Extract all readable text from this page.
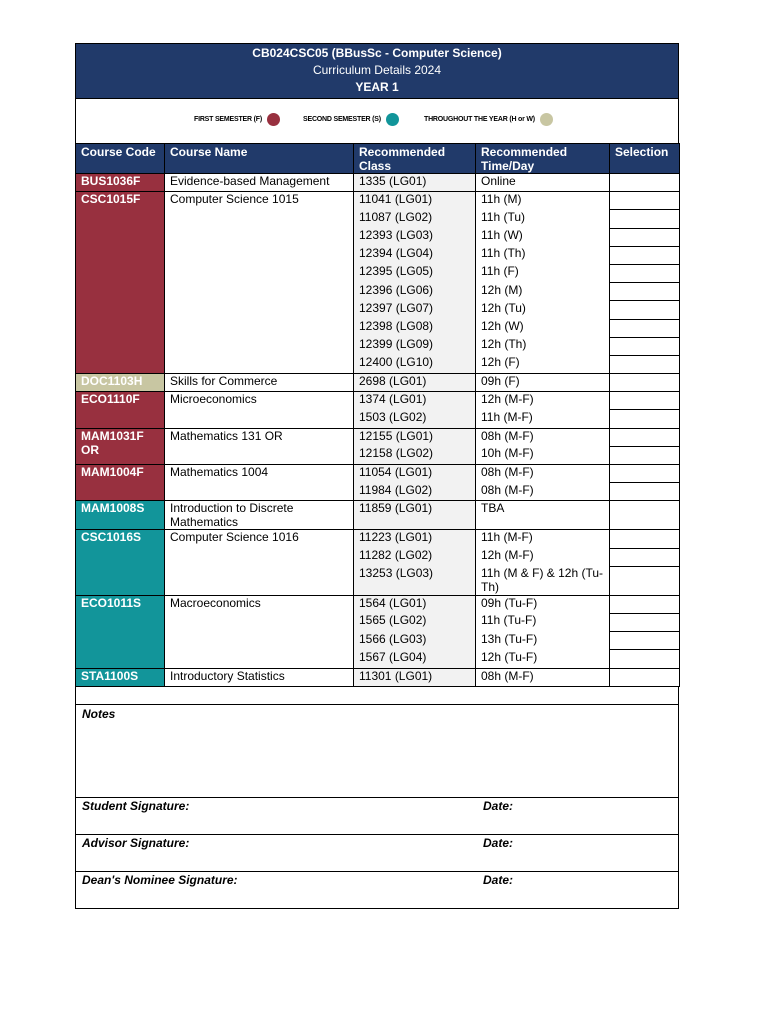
CB024CSC05 (BBusSc - Computer Science)
Curriculum Details 2024
YEAR 1
FIRST SEMESTER (F)	SECOND SEMESTER (S)	THROUGHOUT THE YEAR (H or W)
Course Code	Course Name	Recommended Class	Recommended Time/Day	Selection
BUS1036F	Evidence-based Management	1335 (LG01)	Online	
CSC1015F	Computer Science 1015	11041 (LG01)	11h (M)	
		11087 (LG02)	11h (Tu)	
		12393 (LG03)	11h (W)	
		12394 (LG04)	11h (Th)	
		12395 (LG05)	11h (F)	
		12396 (LG06)	12h (M)	
		12397 (LG07)	12h (Tu)	
		12398 (LG08)	12h (W)	
		12399 (LG09)	12h (Th)	
		12400 (LG10)	12h (F)	
DOC1103H	Skills for Commerce	2698 (LG01)	09h (F)	
ECO1110F	Microeconomics	1374 (LG01)	12h (M-F)	
		1503 (LG02)	11h (M-F)	
MAM1031F OR	Mathematics 131 OR	12155 (LG01)	08h (M-F)	
		12158 (LG02)	10h (M-F)	
MAM1004F	Mathematics 1004	11054 (LG01)	08h (M-F)	
		11984 (LG02)	08h (M-F)	
MAM1008S	Introduction to Discrete Mathematics	11859 (LG01)	TBA	
CSC1016S	Computer Science 1016	11223 (LG01)	11h (M-F)	
		11282 (LG02)	12h (M-F)	
		13253 (LG03)	11h (M & F) & 12h (Tu-Th)	
ECO1011S	Macroeconomics	1564 (LG01)	09h (Tu-F)	
		1565 (LG02)	11h (Tu-F)	
		1566 (LG03)	13h (Tu-F)	
		1567 (LG04)	12h (Tu-F)	
STA1100S	Introductory Statistics	11301 (LG01)	08h (M-F)	
Notes
Student Signature:	Date:
Advisor Signature:	Date:
Dean's Nominee Signature:	Date:
